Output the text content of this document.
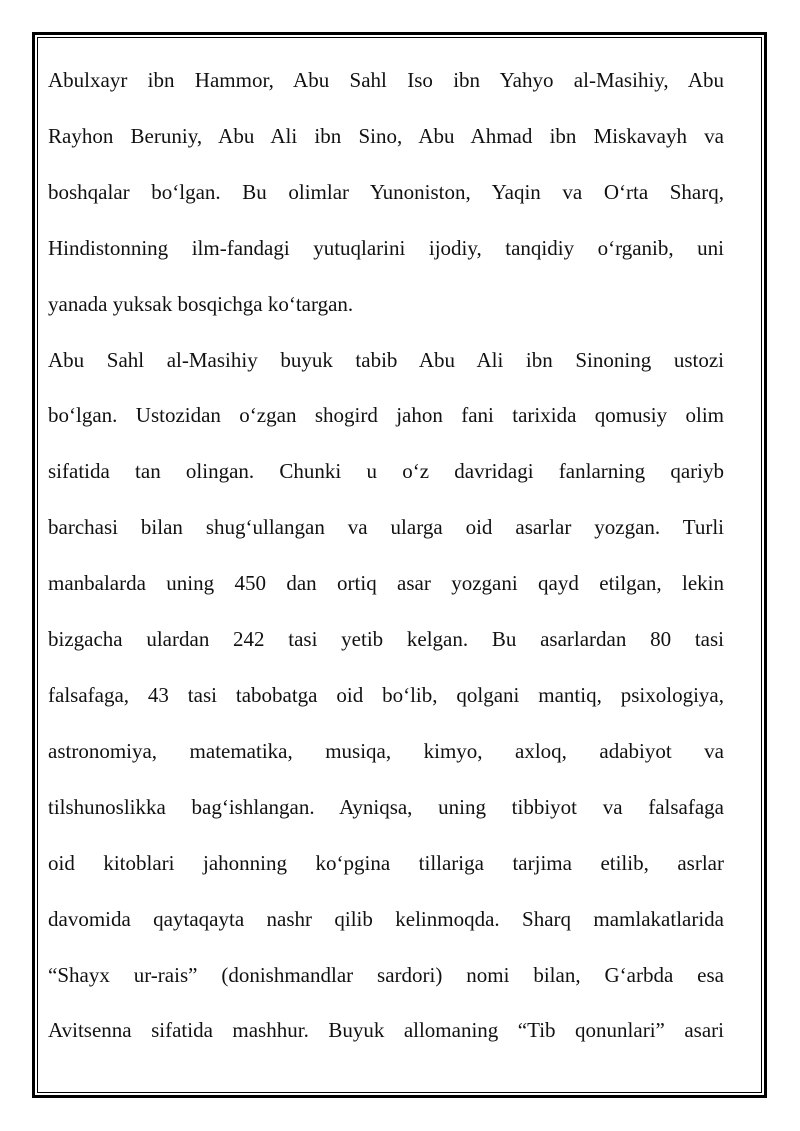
Abulxayr ibn Hammor, Abu Sahl Iso ibn Yahyo al-Masihiy, Abu
Rayhon Beruniy, Abu Ali ibn Sino, Abu Ahmad ibn Miskavayh va
boshqalar bo‘lgan. Bu olimlar Yunoniston, Yaqin va O‘rta Sharq,
Hindistonning ilm-fandagi yutuqlarini ijodiy, tanqidiy o‘rganib, uni
yanada yuksak bosqichga ko‘targan.
Abu Sahl al-Masihiy buyuk tabib Abu Ali ibn Sinoning ustozi
bo‘lgan. Ustozidan o‘zgan shogird jahon fani tarixida qomusiy olim
sifatida tan olingan. Chunki u o‘z davridagi fanlarning qariyb
barchasi bilan shug‘ullangan va ularga oid asarlar yozgan. Turli
manbalarda uning 450 dan ortiq asar yozgani qayd etilgan, lekin
bizgacha ulardan 242 tasi yetib kelgan. Bu asarlardan 80 tasi
falsafaga, 43 tasi tabobatga oid bo‘lib, qolgani mantiq, psixologiya,
astronomiya, matematika, musiqa, kimyo, axloq, adabiyot va
tilshunoslikka bag‘ishlangan. Ayniqsa, uning tibbiyot va falsafaga
oid kitoblari jahonning ko‘pgina tillariga tarjima etilib, asrlar
davomida qaytaqayta nashr qilib kelinmoqda. Sharq mamlakatlarida
“Shayx ur-rais” (donishmandlar sardori) nomi bilan, G‘arbda esa
Avitsenna sifatida mashhur. Buyuk allomaning “Tib qonunlari” asari
